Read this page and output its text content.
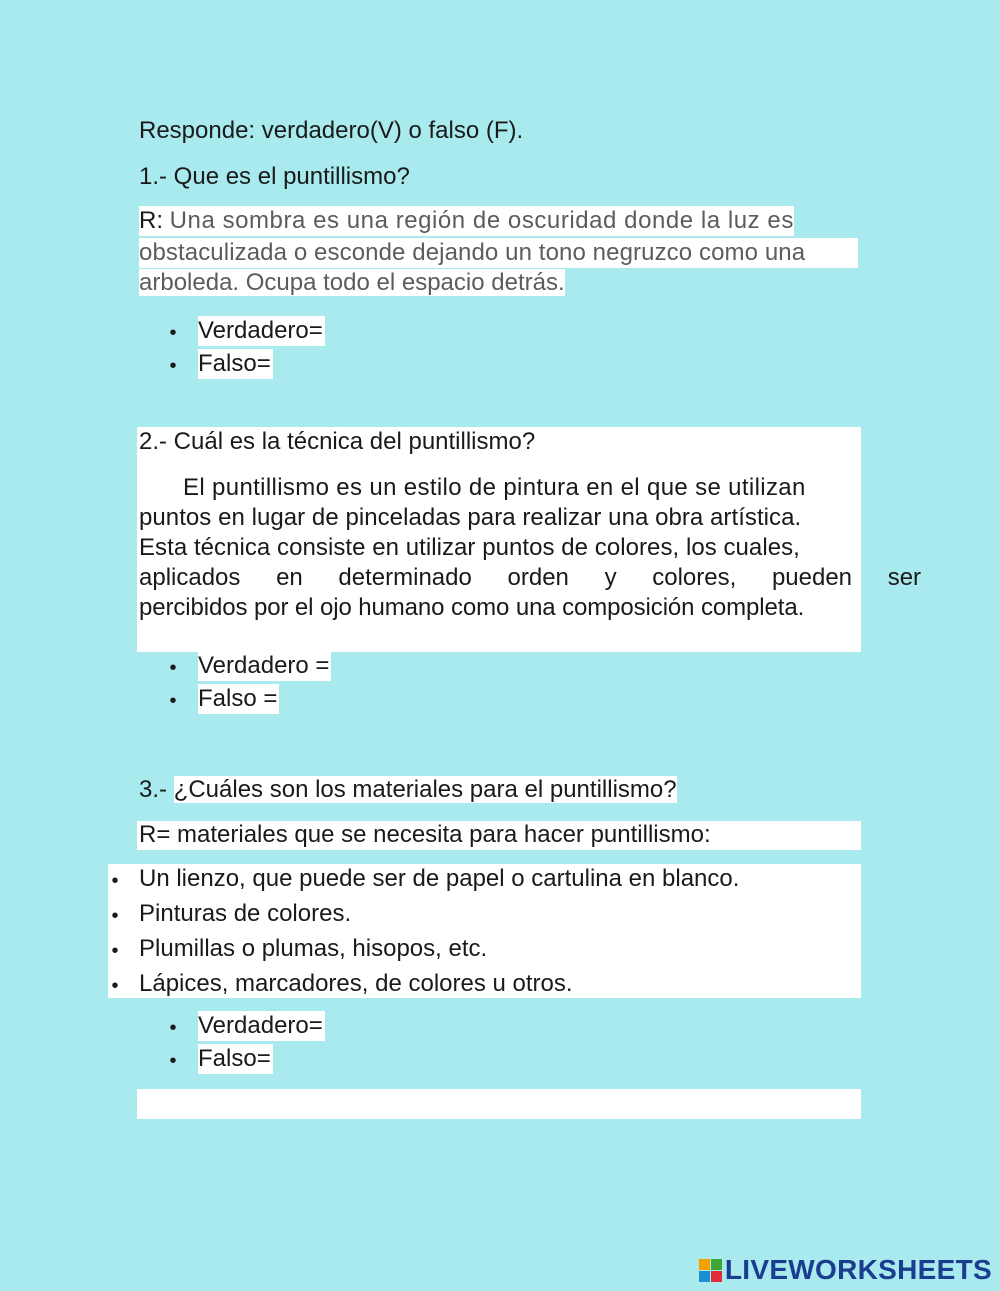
Responde: verdadero(V) o falso (F).
1.- Que es el puntillismo?
R: Una sombra es una región de oscuridad donde la luz es
obstaculizada o esconde dejando un tono negruzco como una
arboleda. Ocupa todo el espacio detrás.
• Verdadero=
• Falso=
2.- Cuál es la técnica del puntillismo?
El puntillismo es un estilo de pintura en el que se utilizan
puntos en lugar de pinceladas para realizar una obra artística.
Esta técnica consiste en utilizar puntos de colores, los cuales,
aplicados en determinado orden y colores, pueden ser
percibidos por el ojo humano como una composición completa.
• Verdadero =
• Falso =
3.- ¿Cuáles son los materiales para el puntillismo?
R= materiales que se necesita para hacer puntillismo:
• Un lienzo, que puede ser de papel o cartulina en blanco.
• Pinturas de colores.
• Plumillas o plumas, hisopos, etc.
• Lápices, marcadores, de colores u otros.
• Verdadero=
• Falso=
LIVEWORKSHEETS
